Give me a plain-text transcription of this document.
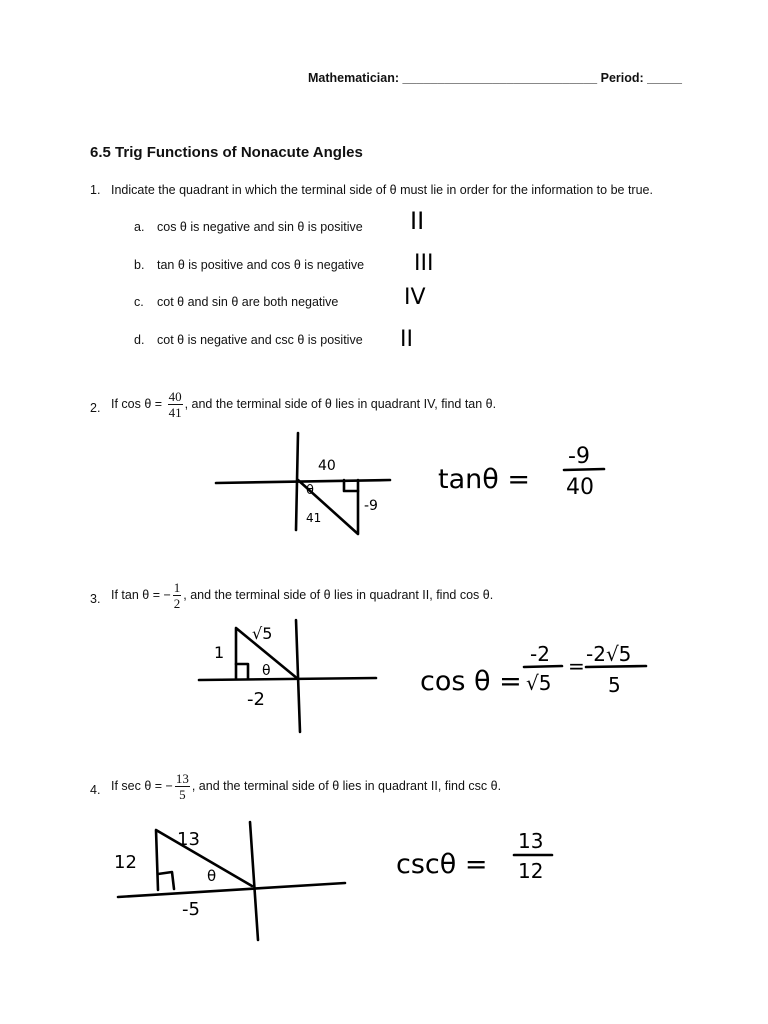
Mathematician: ____________________________ Period: _____
6.5 Trig Functions of Nonacute Angles
1. Indicate the quadrant in which the terminal side of θ must lie in order for the information to be true.
a. cos θ is negative and sin θ is positive
b. tan θ is positive and cos θ is negative
c. cot θ and sin θ are both negative
d. cot θ is negative and csc θ is positive
2. If $\cos \theta = \frac{40}{41}$ , and the terminal side of θ lies in quadrant IV, find tan θ.
3. If tan θ = − $\frac{1}{2}$ , and the terminal side of θ lies in quadrant II, find cos θ.
4. If sec θ = − $\frac{13}{5}$ , and the terminal side of θ lies in quadrant II, find csc θ.
II
III
IV
II
40
-9
41
θ	tanθ =
-9
40
1
√5
-2
θ	cos θ =
-2
√5
= -2√5
5
12
13
-5
θ	cscθ =
13
12
